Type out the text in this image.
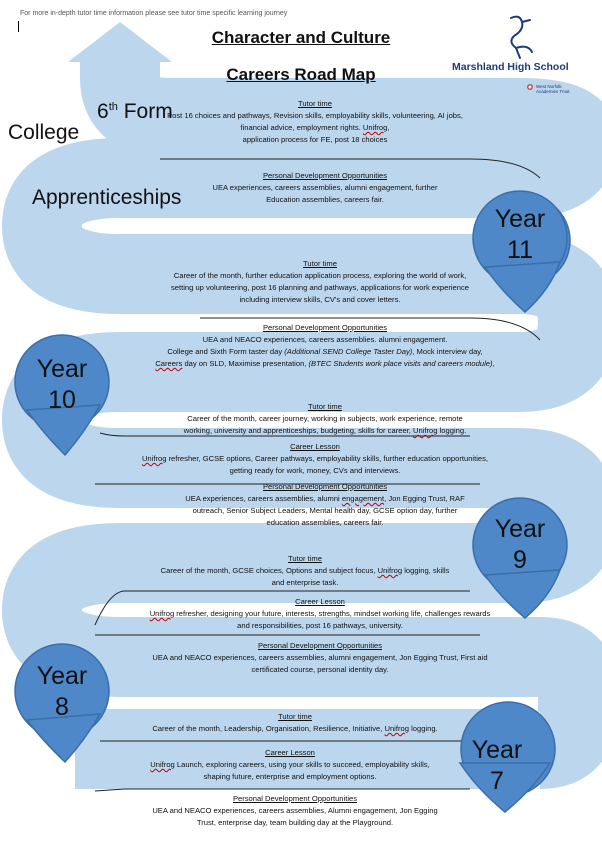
For more in-depth tutor time information please see tutor time specific learning journey
Character and Culture
Careers Road Map	Marshland High School
West Norfolk Academies Trust
College
6th Form
Apprenticeships
Year
11
Year
10
Year
9
Year
8
Year
7
Tutor time
Post 16 choices and pathways, Revision skills, employability skills, volunteering, AI jobs,
financial advice, employment rights. Unifrog,
application process for FE, post 18 choices
Personal Development Opportunities
UEA experiences, careers assemblies, alumni engagement, further
Education assemblies, careers fair.
Tutor time
Career of the month, further education application process, exploring the world of work,
setting up volunteering, post 16 planning and pathways, applications for work experience
including interview skills, CV's and cover letters.
Personal Development Opportunities
UEA and NEACO experiences, careers assemblies. alumni engagement.
College and Sixth Form taster day (Additional SEND College Taster Day), Mock interview day,
Careers day on SLD, Maximise presentation, (BTEC Students work place visits and careers module),
Tutor time
Career of the month, career journey, working in subjects, work experience, remote
working, university and apprenticeships, budgeting, skills for career, Unifrog logging.
Career Lesson
Unifrog refresher, GCSE options, Career pathways, employability skills, further education opportunities,
getting ready for work, money, CVs and interviews.
Personal Development Opportunities
UEA experiences, careers assemblies, alumni engagement, Jon Egging Trust, RAF
outreach, Senior Subject Leaders, Mental health day, GCSE option day, further
education assemblies, careers fair.
Tutor time
Career of the month, GCSE choices, Options and subject focus, Unifrog logging, skills
and enterprise task.
Career Lesson
Unifrog refresher, designing your future, interests, strengths, mindset working life, challenges rewards
and responsibilities, post 16 pathways, university.
Personal Development Opportunities
UEA and NEACO experiences, careers assemblies, alumni engagement, Jon Egging Trust, First aid
certificated course, personal identity day.
Tutor time
Career of the month, Leadership, Organisation, Resilience, Initiative, Unifrog logging.
Career Lesson
Unifrog Launch, exploring careers, using your skills to succeed, employability skills,
shaping future, enterprise and employment options.
Personal Development Opportunities
UEA and NEACO experiences, careers assemblies, Alumni engagement, Jon Egging
Trust, enterprise day, team building day at the Playground.
